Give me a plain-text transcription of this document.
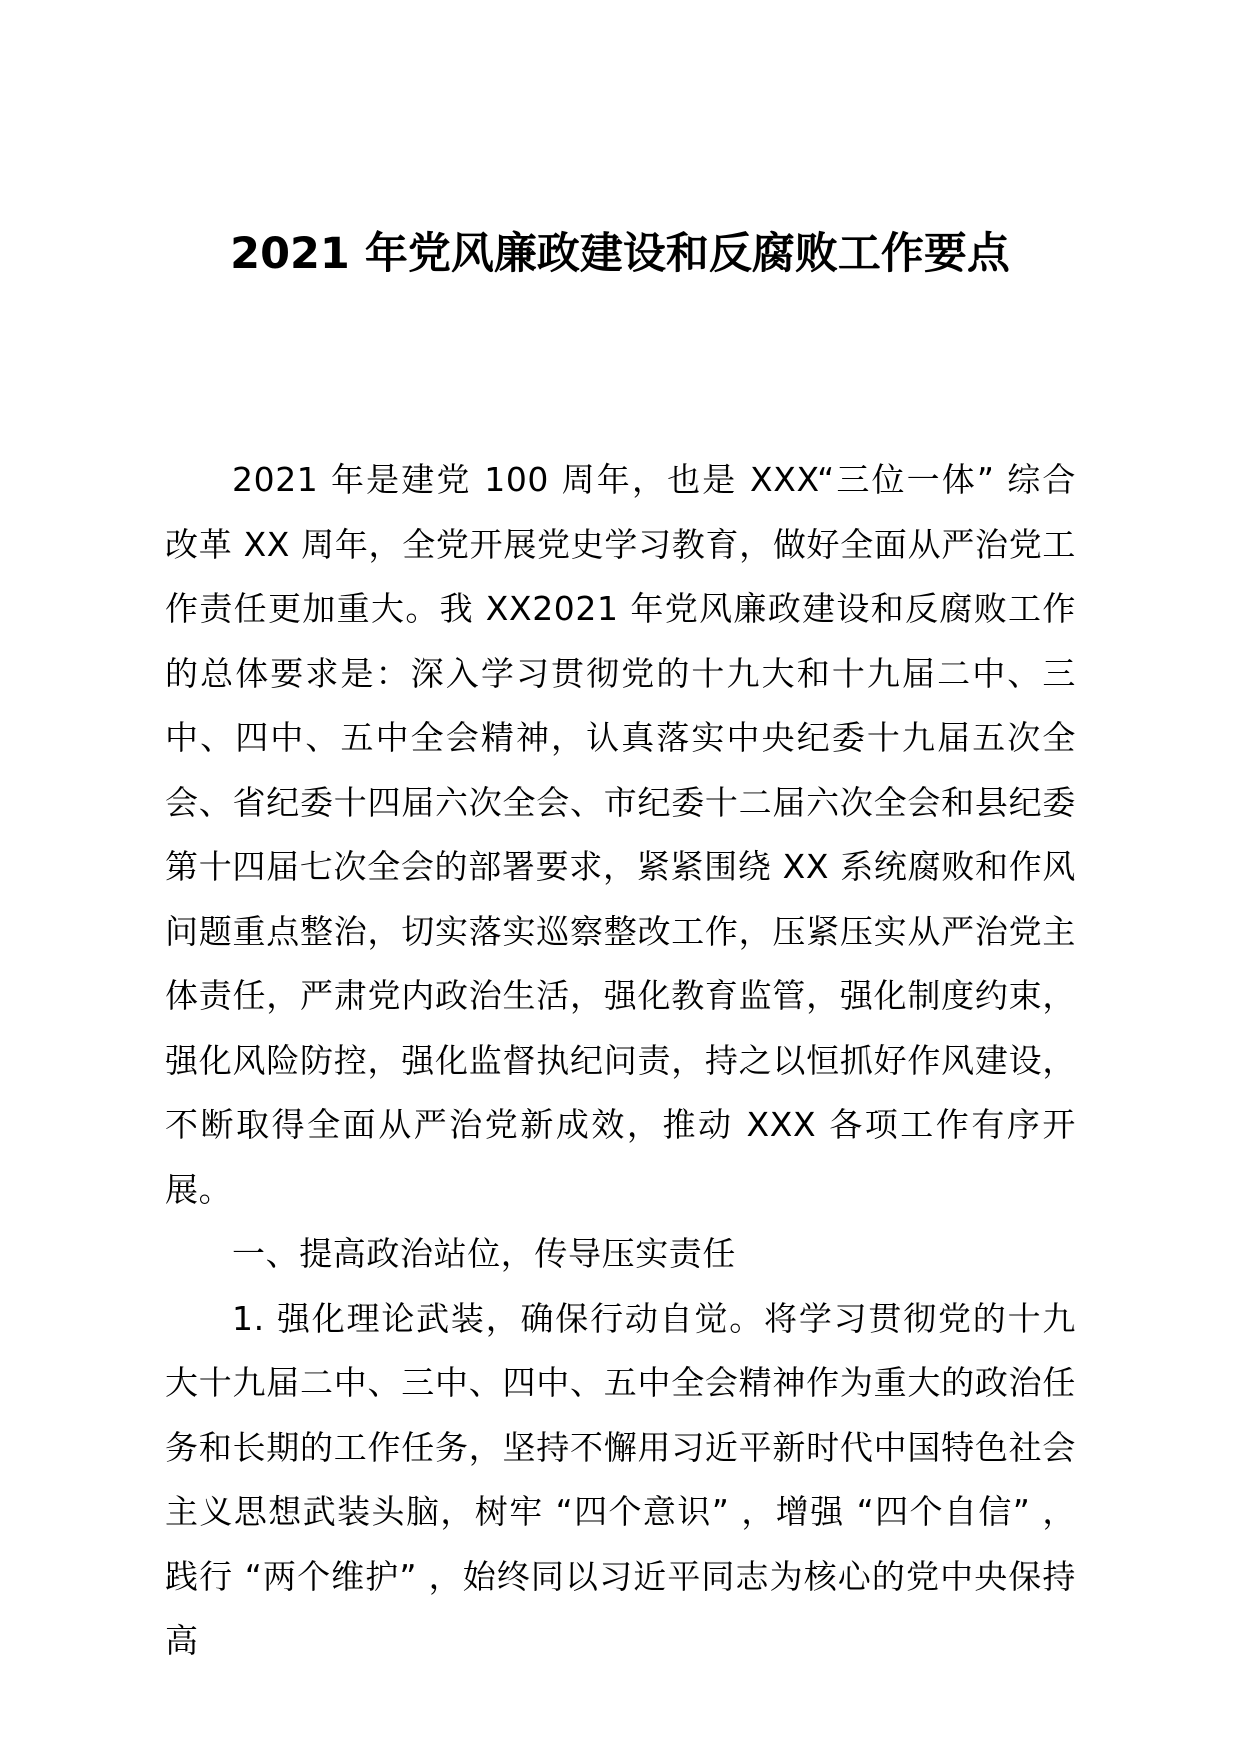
2021 年党风廉政建设和反腐败工作要点

2021 年是建党 100 周年，也是 XXX“三位一体” 综合改革 XX 周年，全党开展党史学习教育，做好全面从严治党工作责任更加重大。我 XX2021 年党风廉政建设和反腐败工作的总体要求是：深入学习贯彻党的十九大和十九届二中、三中、四中、五中全会精神，认真落实中央纪委十九届五次全会、省纪委十四届六次全会、市纪委十二届六次全会和县纪委第十四届七次全会的部署要求，紧紧围绕 XX 系统腐败和作风问题重点整治，切实落实巡察整改工作，压紧压实从严治党主体责任，严肃党内政治生活，强化教育监管，强化制度约束，强化风险防控，强化监督执纪问责，持之以恒抓好作风建设，不断取得全面从严治党新成效，推动 XXX 各项工作有序开展。

一、提高政治站位，传导压实责任

1. 强化理论武装，确保行动自觉。将学习贯彻党的十九大十九届二中、三中、四中、五中全会精神作为重大的政治任务和长期的工作任务，坚持不懈用习近平新时代中国特色社会主义思想武装头脑，树牢 “四个意识” ，增强 “四个自信” ，践行 “两个维护” ，始终同以习近平同志为核心的党中央保持高
